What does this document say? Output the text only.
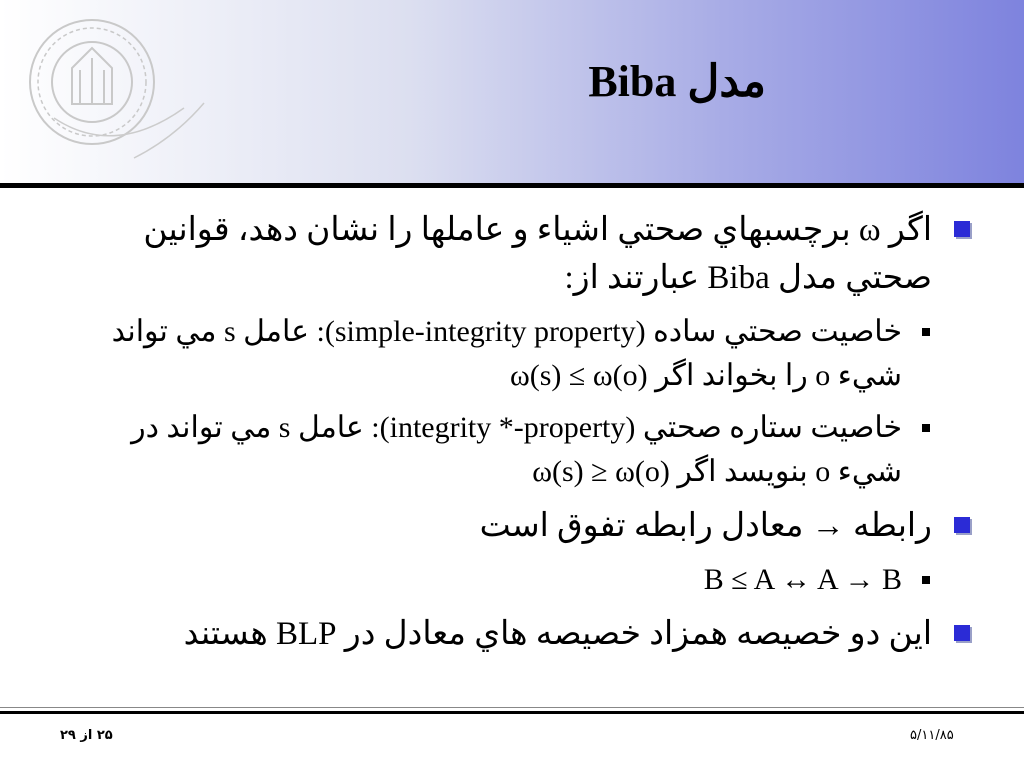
مدل Biba
اگر ω برچسبهاي صحتي اشياء و عاملها را نشان دهد، قوانين صحتي مدل Biba عبارتند از:
خاصيت صحتي ساده (simple-integrity property): عامل s مي تواند شيء o را بخواند اگر ω(s) ≤ ω(o)
خاصيت ستاره صحتي (integrity *-property): عامل s مي تواند در شيء o بنويسد اگر ω(s) ≥ ω(o)
رابطه → معادل رابطه تفوق است
B ≤ A ↔ A → B
اين دو خصيصه همزاد خصيصه هاي معادل در BLP هستند
۲۵ از ۲۹	۵/۱۱/۸۵
